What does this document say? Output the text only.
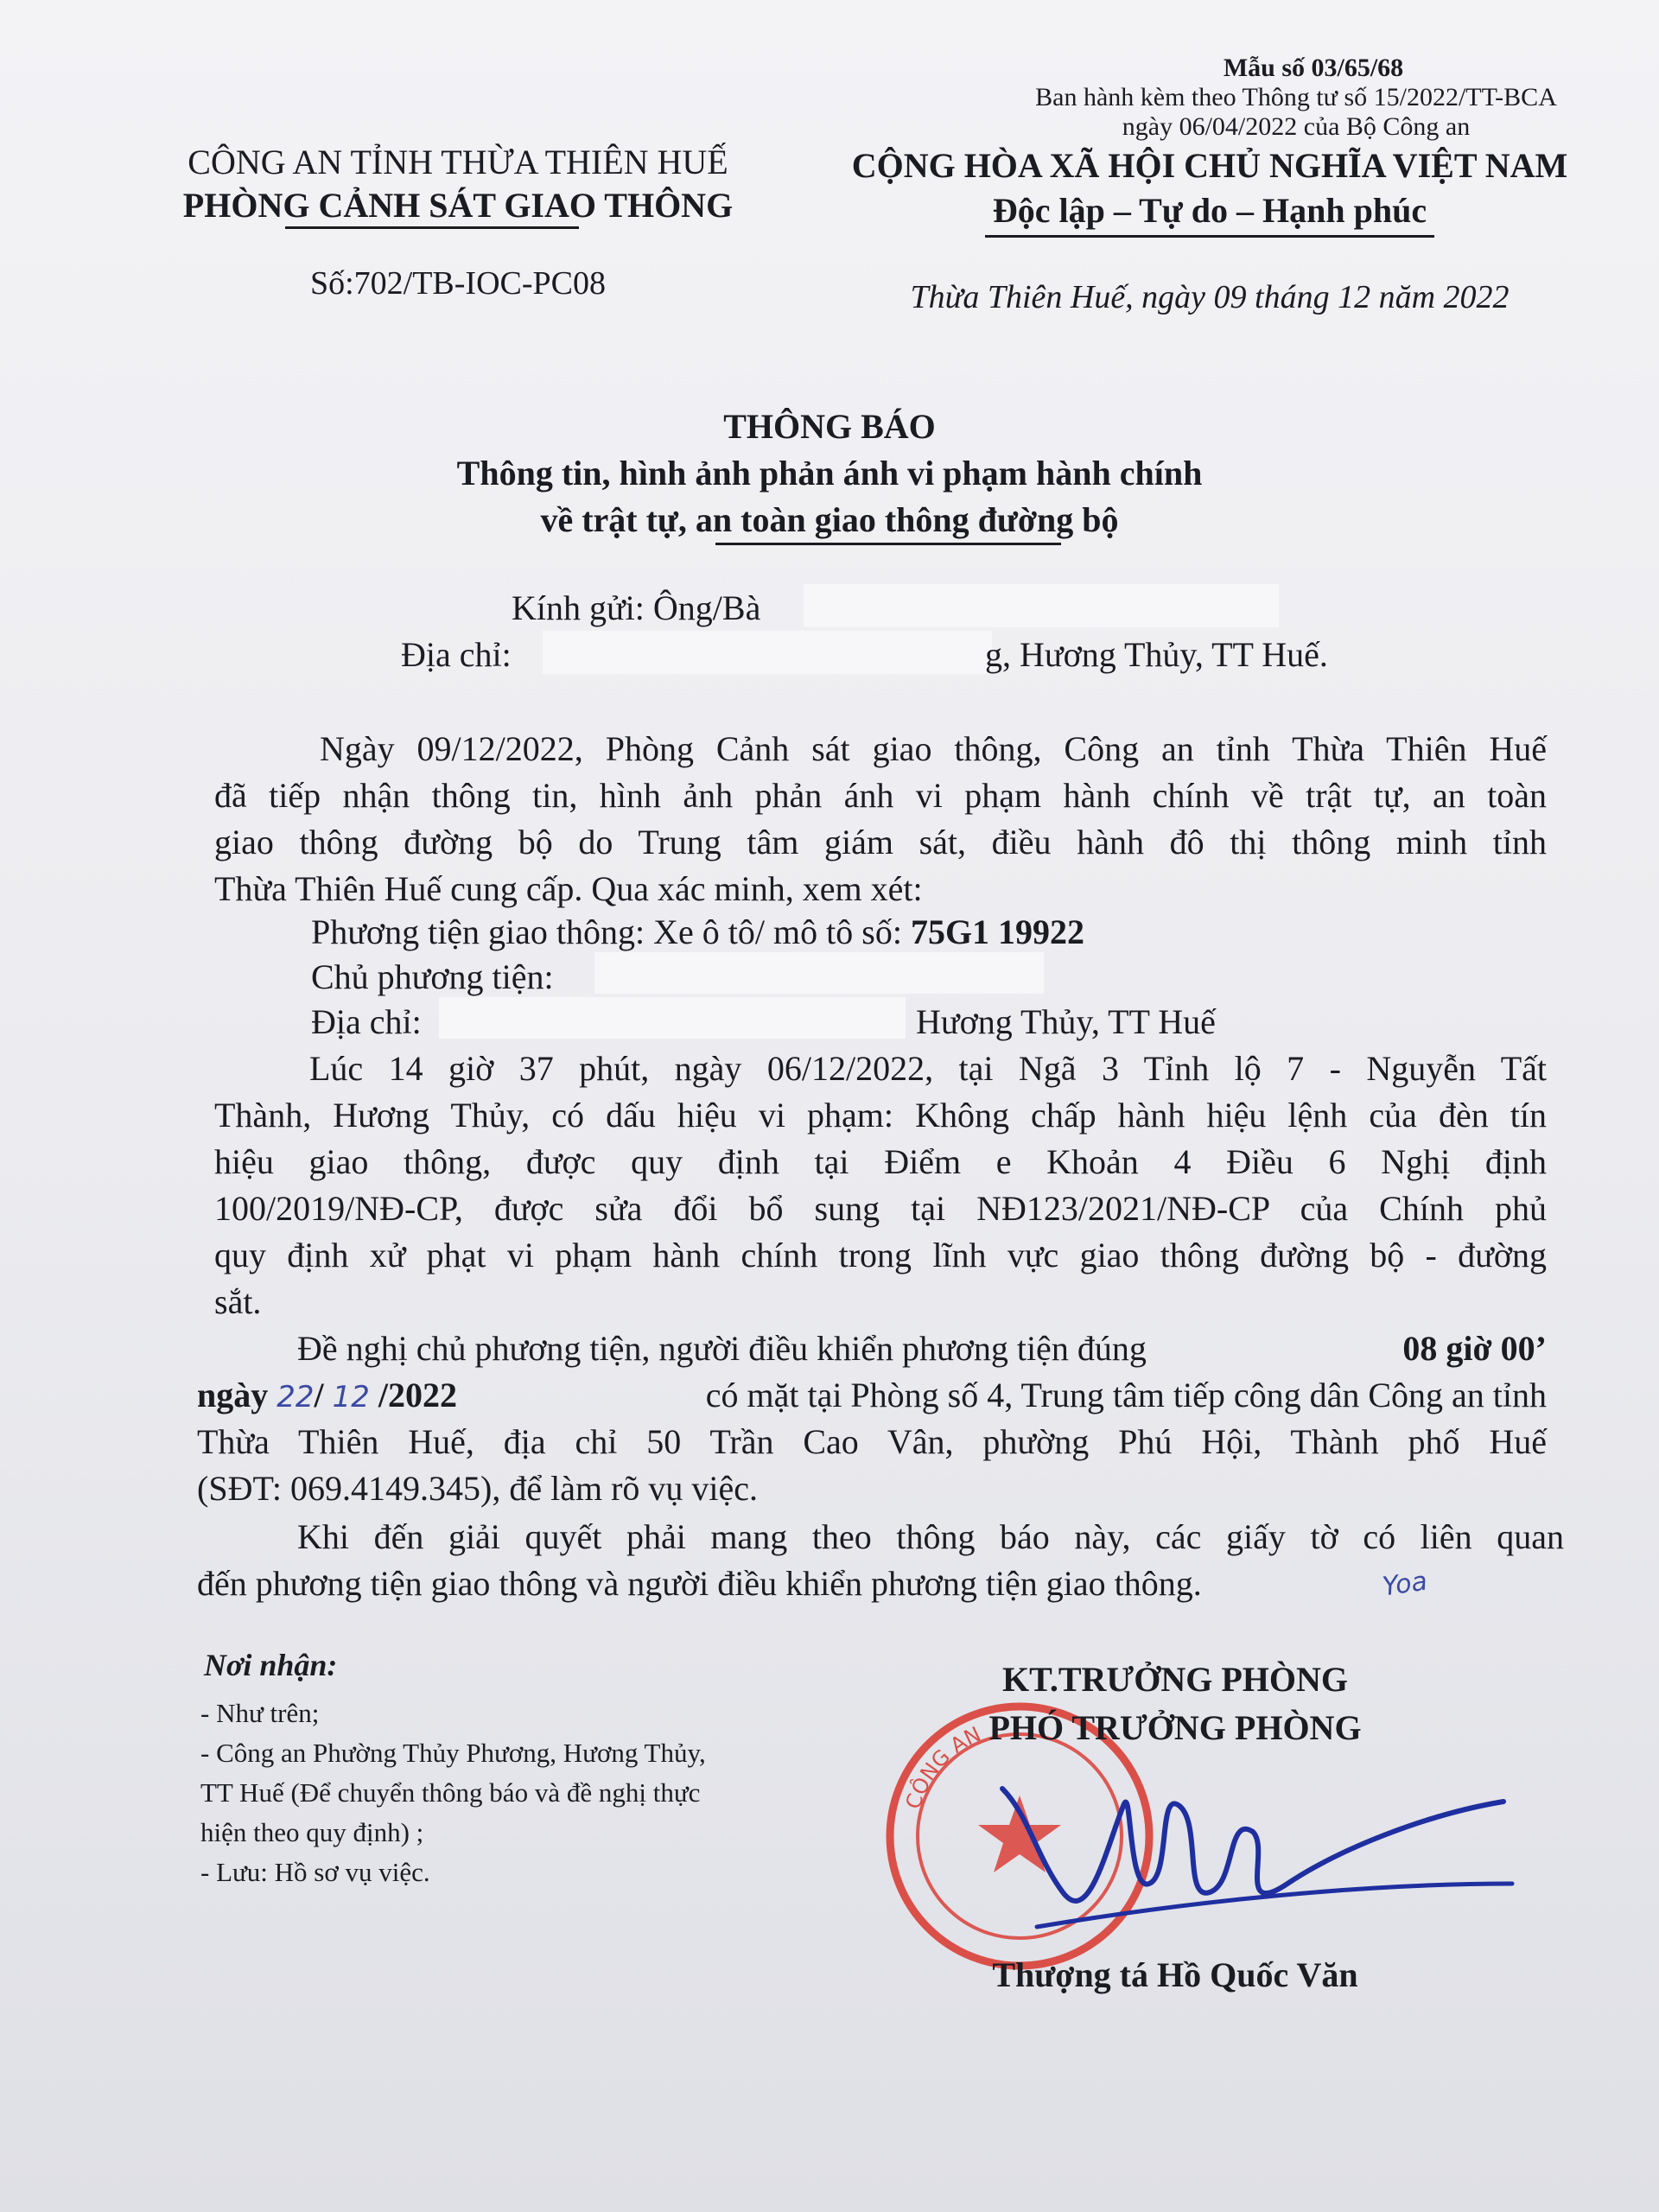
Mẫu số 03/65/68
Ban hành kèm theo Thông tư số 15/2022/TT-BCA
ngày 06/04/2022 của Bộ Công an
CÔNG AN TỈNH THỪA THIÊN HUẾ
PHÒNG CẢNH SÁT GIAO THÔNG
Số:702/TB-IOC-PC08
CỘNG HÒA XÃ HỘI CHỦ NGHĨA VIỆT NAM
Độc lập – Tự do – Hạnh phúc
Thừa Thiên Huế, ngày 09 tháng 12 năm 2022
THÔNG BÁO
Thông tin, hình ảnh phản ánh vi phạm hành chính
về trật tự, an toàn giao thông đường bộ
Kính gửi: Ông/Bà
Địa chỉ:	g, Hương Thủy, TT Huế.
Ngày 09/12/2022, Phòng Cảnh sát giao thông, Công an tỉnh Thừa Thiên Huế
đã tiếp nhận thông tin, hình ảnh phản ánh vi phạm hành chính về trật tự, an toàn
giao thông đường bộ do Trung tâm giám sát, điều hành đô thị thông minh tỉnh
Thừa Thiên Huế cung cấp. Qua xác minh, xem xét:
Phương tiện giao thông: Xe ô tô/ mô tô số: 75G1 19922
Chủ phương tiện:
Địa chỉ:	Hương Thủy, TT Huế
Lúc 14 giờ 37 phút, ngày 06/12/2022, tại Ngã 3 Tỉnh lộ 7 - Nguyễn Tất
Thành, Hương Thủy, có dấu hiệu vi phạm: Không chấp hành hiệu lệnh của đèn tín
hiệu giao thông, được quy định tại Điểm e Khoản 4 Điều 6 Nghị định
100/2019/NĐ-CP, được sửa đổi bổ sung tại NĐ123/2021/NĐ-CP của Chính phủ
quy định xử phạt vi phạm hành chính trong lĩnh vực giao thông đường bộ - đường
sắt.
Đề nghị chủ phương tiện, người điều khiển phương tiện đúng	08 giờ 00’
ngày 22/ 12 /2022	có mặt tại Phòng số 4, Trung tâm tiếp công dân Công an tỉnh
Thừa Thiên Huế, địa chỉ 50 Trần Cao Vân, phường Phú Hội, Thành phố Huế
(SĐT: 069.4149.345), để làm rõ vụ việc.
Khi đến giải quyết phải mang theo thông báo này, các giấy tờ có liên quan
đến phương tiện giao thông và người điều khiển phương tiện giao thông.	Yoa
Nơi nhận:
- Như trên;
- Công an Phường Thủy Phương, Hương Thủy,
TT Huế (Để chuyển thông báo và đề nghị thực
hiện theo quy định) ;
- Lưu: Hồ sơ vụ việc.
CÔNG AN
KT.TRƯỞNG PHÒNG
PHÓ TRƯỞNG PHÒNG
Thượng tá Hồ Quốc Văn
